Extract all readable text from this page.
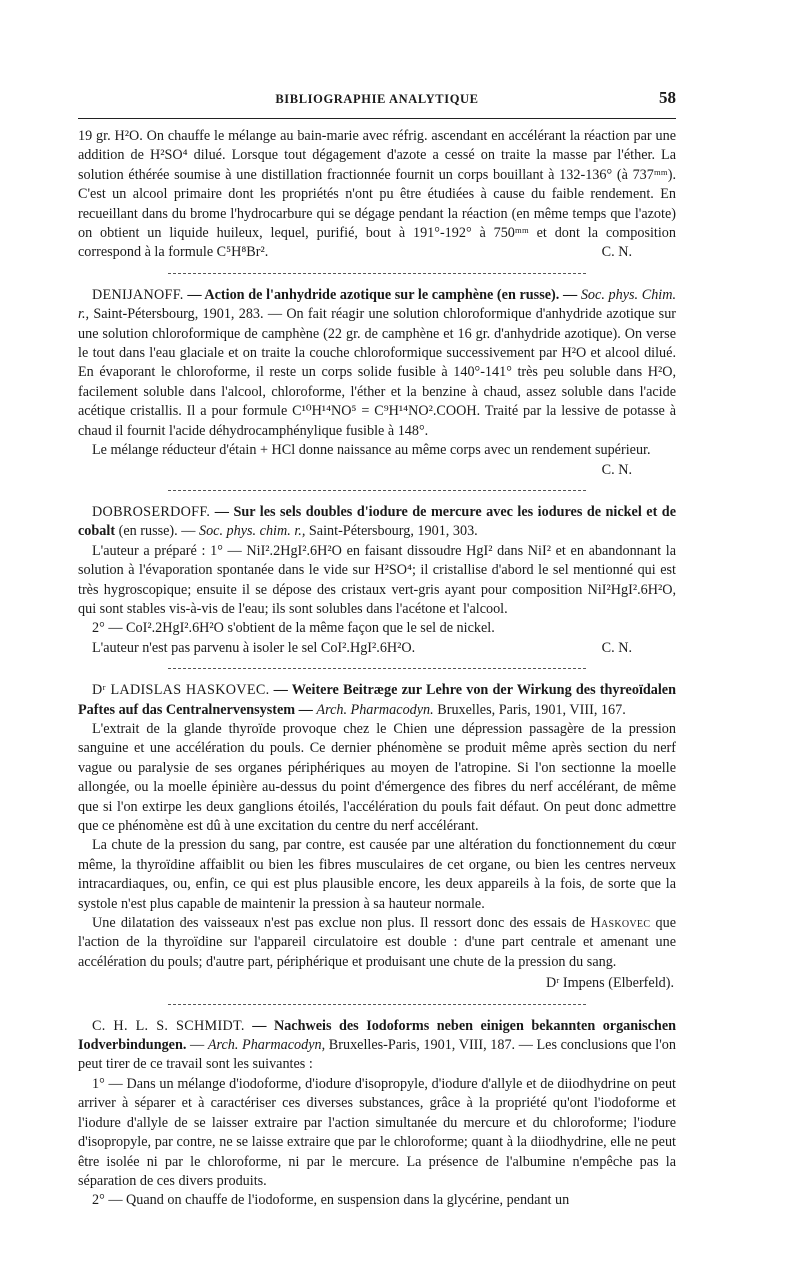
BIBLIOGRAPHIE ANALYTIQUE	58

19 gr. H²O. On chauffe le mélange au bain-marie avec réfrig. ascendant en accélérant la réaction par une addition de H²SO⁴ dilué. Lorsque tout dégagement d'azote a cessé on traite la masse par l'éther. La solution éthérée soumise à une distillation fractionnée fournit un corps bouillant à 132-136° (à 737ᵐᵐ). C'est un alcool primaire dont les propriétés n'ont pu être étudiées à cause du faible rendement. En recueillant dans du brome l'hydrocarbure qui se dégage pendant la réaction (en même temps que l'azote) on obtient un liquide huileux, lequel, purifié, bout à 191°-192° à 750ᵐᵐ et dont la composition correspond à la formule C⁵H⁸Br².	C. N.

DENIJANOFF. — Action de l'anhydride azotique sur le camphène (en russe). — Soc. phys. Chim. r., Saint-Pétersbourg, 1901, 283. — On fait réagir une solution chloroformique d'anhydride azotique sur une solution chloroformique de camphène (22 gr. de camphène et 16 gr. d'anhydride azotique). On verse le tout dans l'eau glaciale et on traite la couche chloroformique successivement par H²O et alcool dilué. En évaporant le chloroforme, il reste un corps solide fusible à 140°-141° très peu soluble dans H²O, facilement soluble dans l'alcool, chloroforme, l'éther et la benzine à chaud, assez soluble dans l'acide acétique cristallis. Il a pour formule C¹⁰H¹⁴NO⁵ = C⁹H¹⁴NO².COOH. Traité par la lessive de potasse à chaud il fournit l'acide déhydrocamphénylique fusible à 148°.

Le mélange réducteur d'étain + HCl donne naissance au même corps avec un rendement supérieur.
C. N.

DOBROSERDOFF. — Sur les sels doubles d'iodure de mercure avec les iodures de nickel et de cobalt (en russe). — Soc. phys. chim. r., Saint-Pétersbourg, 1901, 303.

L'auteur a préparé : 1° — NiI².2HgI².6H²O en faisant dissoudre HgI² dans NiI² et en abandonnant la solution à l'évaporation spontanée dans le vide sur H²SO⁴; il cristallise d'abord le sel mentionné qui est très hygroscopique; ensuite il se dépose des cristaux vert-gris ayant pour composition NiI²HgI².6H²O, qui sont stables vis-à-vis de l'eau; ils sont solubles dans l'acétone et l'alcool.

2° — CoI².2HgI².6H²O s'obtient de la même façon que le sel de nickel.

L'auteur n'est pas parvenu à isoler le sel CoI².HgI².6H²O.	C. N.

Dʳ LADISLAS HASKOVEC. — Weitere Beitræge zur Lehre von der Wirkung des thyreoïdalen Paftes auf das Centralnervensystem — Arch. Pharmacodyn. Bruxelles, Paris, 1901, VIII, 167.

L'extrait de la glande thyroïde provoque chez le Chien une dépression passagère de la pression sanguine et une accélération du pouls. Ce dernier phénomène se produit même après section du nerf vague ou paralysie de ses organes périphériques au moyen de l'atropine. Si l'on sectionne la moelle allongée, ou la moelle épinière au-dessus du point d'émergence des fibres du nerf accélérant, de même que si l'on extirpe les deux ganglions étoilés, l'accélération du pouls fait défaut. On peut donc admettre que ce phénomène est dû à une excitation du centre du nerf accélérant.

La chute de la pression du sang, par contre, est causée par une altération du fonctionnement du cœur même, la thyroïdine affaiblit ou bien les fibres musculaires de cet organe, ou bien les centres nerveux intracardiaques, ou, enfin, ce qui est plus plausible encore, les deux appareils à la fois, de sorte que la systole n'est plus capable de maintenir la pression à sa hauteur normale.

Une dilatation des vaisseaux n'est pas exclue non plus. Il ressort donc des essais de Haskovec que l'action de la thyroïdine sur l'appareil circulatoire est double : d'une part centrale et amenant une accélération du pouls; d'autre part, périphérique et produisant une chute de la pression du sang.

Dʳ Impens (Elberfeld).

C. H. L. S. SCHMIDT. — Nachweis des Iodoforms neben einigen bekannten organischen Iodverbindungen. — Arch. Pharmacodyn, Bruxelles-Paris, 1901, VIII, 187. — Les conclusions que l'on peut tirer de ce travail sont les suivantes :

1° — Dans un mélange d'iodoforme, d'iodure d'isopropyle, d'iodure d'allyle et de diiodhydrine on peut arriver à séparer et à caractériser ces diverses substances, grâce à la propriété qu'ont l'iodoforme et l'iodure d'allyle de se laisser extraire par l'action simultanée du mercure et du chloroforme; l'iodure d'isopropyle, par contre, ne se laisse extraire que par le chloroforme; quant à la diiodhydrine, elle ne peut être isolée ni par le chloroforme, ni par le mercure. La présence de l'albumine n'empêche pas la séparation de ces divers produits.

2° — Quand on chauffe de l'iodoforme, en suspension dans la glycérine, pendant un
